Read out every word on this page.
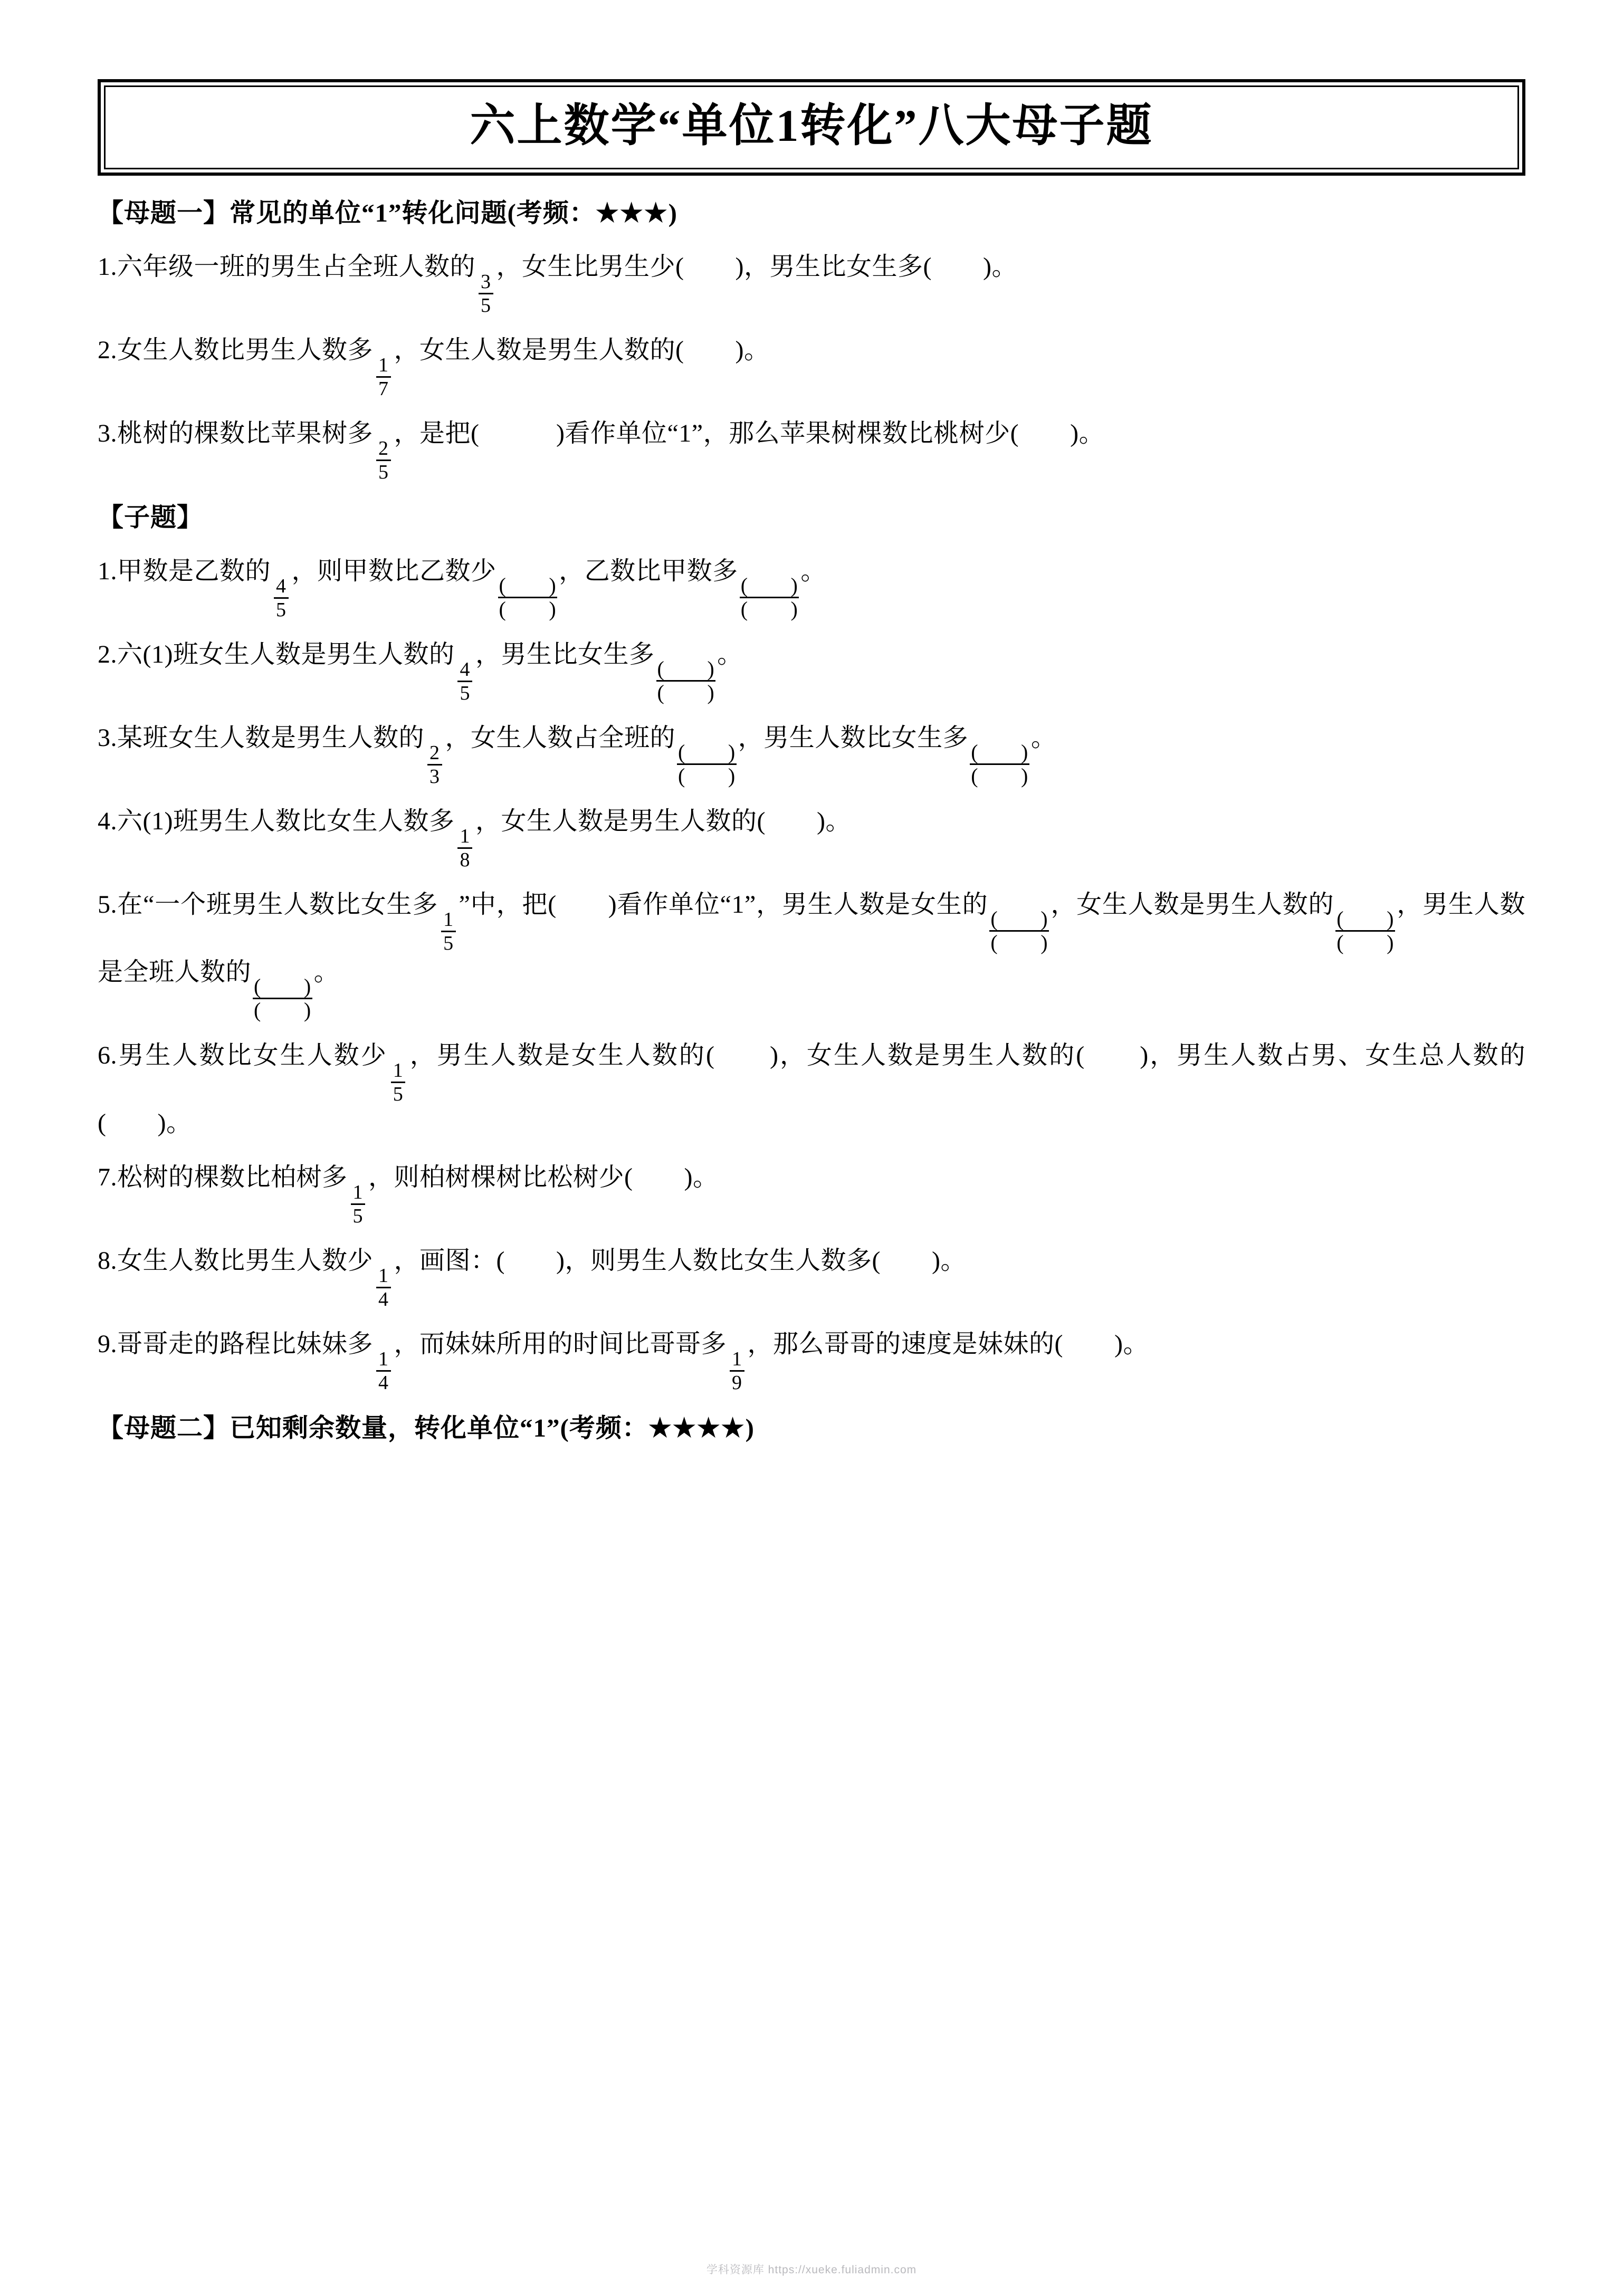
六上数学“单位1转化”八大母子题
【母题一】常见的单位“1”转化问题(考频：★★★)
1.六年级一班的男生占全班人数的
$\frac{3}{5}$
，女生比男生少(　　)，男生比女生多(　　)。
2.女生人数比男生人数多
$\frac{1}{7}$
，女生人数是男生人数的(　　)。
3.桃树的棵数比苹果树多
$\frac{2}{5}$
，是把(　　　)看作单位“1”，那么苹果树棵数比桃树少(　　)。
【子题】
1.甲数是乙数的
$\frac{4}{5}$
，则甲数比乙数少
$\frac{( )}{( )}$
，乙数比甲数多
$\frac{( )}{( )}$
。
2.六(1)班女生人数是男生人数的
$\frac{4}{5}$
，男生比女生多
$\frac{( )}{( )}$
。
3.某班女生人数是男生人数的
$\frac{2}{3}$
，女生人数占全班的
$\frac{( )}{( )}$
，男生人数比女生多
$\frac{( )}{( )}$
。
4.六(1)班男生人数比女生人数多
$\frac{1}{8}$
，女生人数是男生人数的(　　)。
5.在“一个班男生人数比女生多
$\frac{1}{5}$
”中，把(　　)看作单位“1”，男生人数是女生的
$\frac{( )}{( )}$
，女生人数是男生人数的
$\frac{( )}{( )}$
，男生人数是全班人数的
$\frac{( )}{( )}$
。
6.男生人数比女生人数少
$\frac{1}{5}$
，男生人数是女生人数的(　　)，女生人数是男生人数的(　　)，男生人数占男、女生总人数的(　　)。
7.松树的棵数比柏树多
$\frac{1}{5}$
，则柏树棵树比松树少(　　)。
8.女生人数比男生人数少
$\frac{1}{4}$
，画图：(　　)，则男生人数比女生人数多(　　)。
9.哥哥走的路程比妹妹多
$\frac{1}{4}$
，而妹妹所用的时间比哥哥多
$\frac{1}{9}$
，那么哥哥的速度是妹妹的(　　)。
【母题二】已知剩余数量，转化单位“1”(考频：★★★★)
学科资源库 https://xueke.fuliadmin.com
